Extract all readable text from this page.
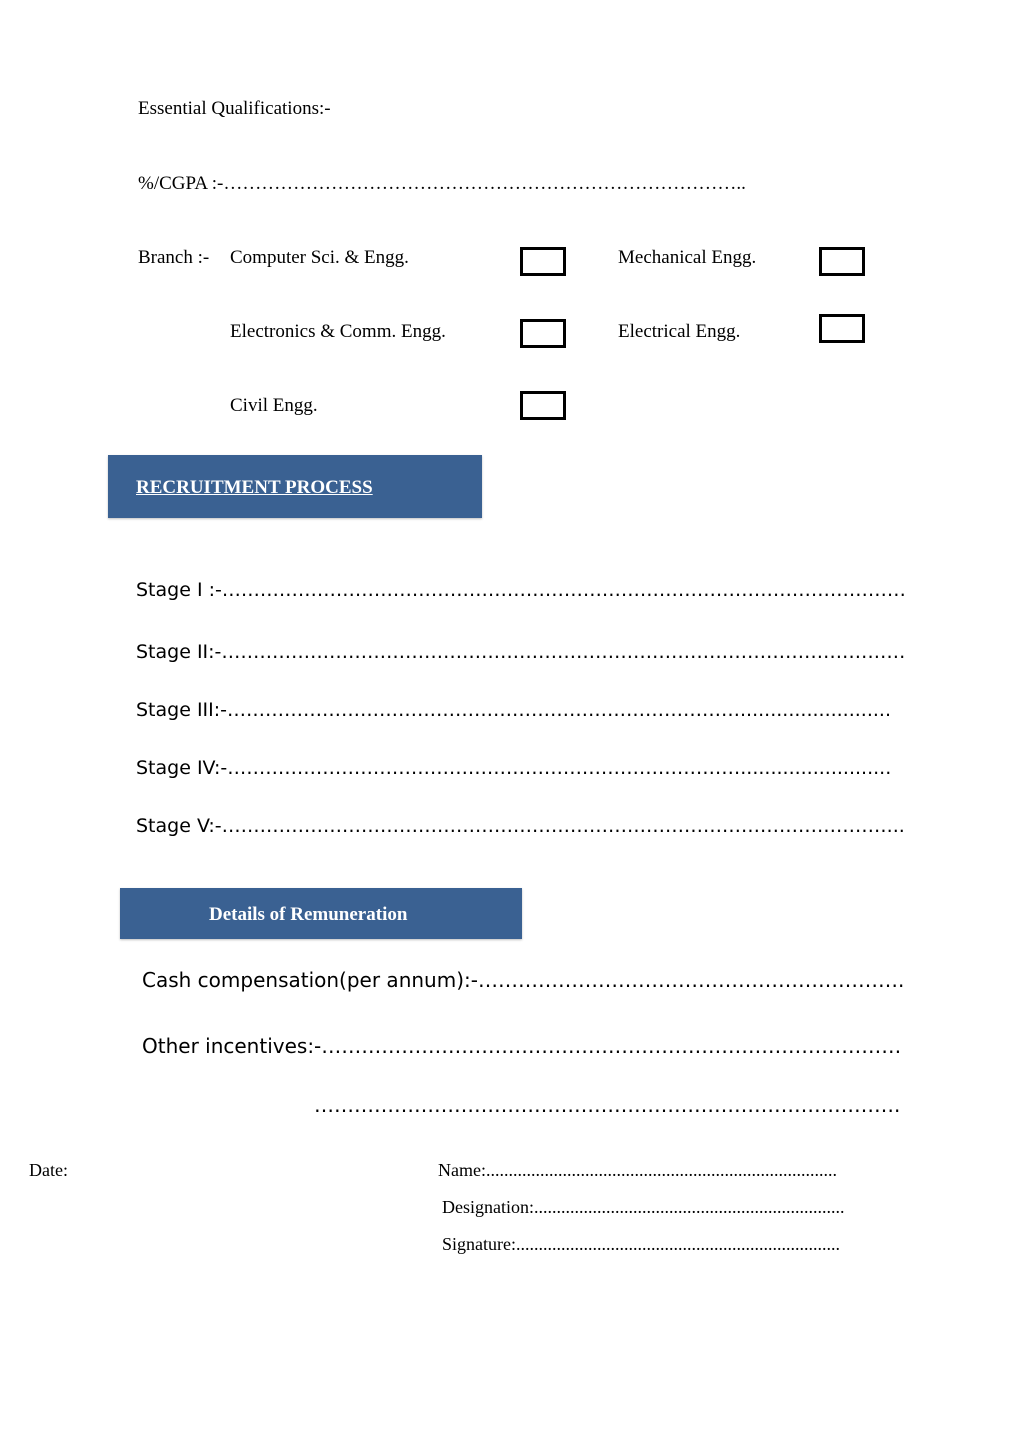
Essential Qualifications:-
%/CGPA :-………………………………………………………………………..
Branch :- Computer Sci. & Engg.	Mechanical Engg.
Electronics & Comm. Engg.	Electrical Engg.
Civil Engg.
RECRUITMENT PROCESS
Stage I :-………………………………………………………………………………………………
Stage II:-………………………………………………………………………………………………
Stage III:-……………………………………………………………………….........................
Stage IV:-……………………………………………………………………….........................
Stage V:-……………………………………………………………………………………………...
Details of Remuneration
Cash compensation(per annum):-……………………………………………………….
Other incentives:-……………………………………………………………………………
…………………………………………………………………………….
Date:	Name:..............................................................................
Designation:.....................................................................
Signature:........................................................................
